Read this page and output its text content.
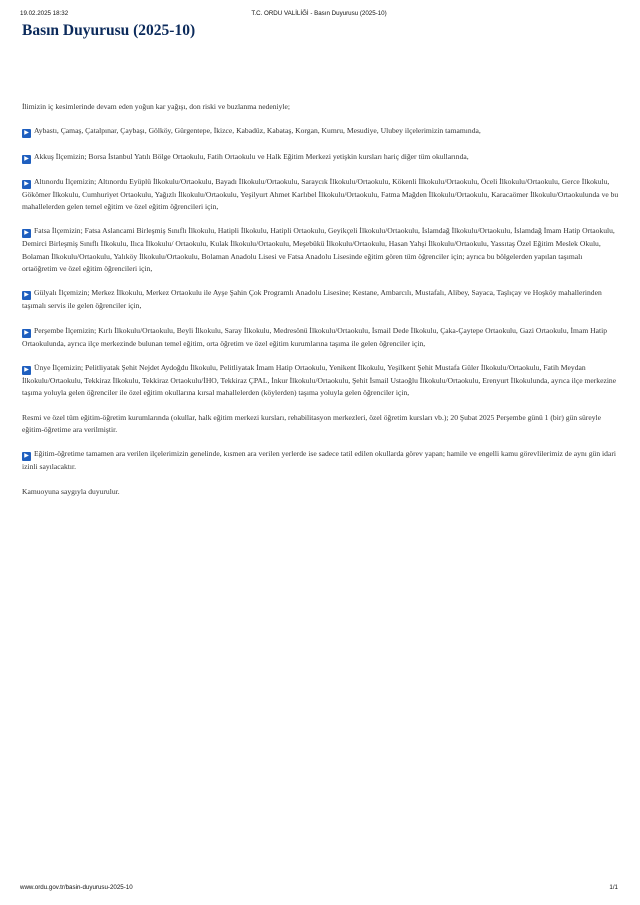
19.02.2025 18:32	T.C. ORDU VALİLİĞİ - Basın Duyurusu (2025-10)
Basın Duyurusu (2025-10)

İlimizin iç kesimlerinde devam eden yoğun kar yağışı, don riski ve buzlanma nedeniyle;

▶ Aybastı, Çamaş, Çatalpınar, Çaybaşı, Gölköy, Gürgentepe, İkizce, Kabadüz, Kabataş, Korgan, Kumru, Mesudiye, Ulubey ilçelerimizin tamamında,

▶ Akkuş İlçemizin; Borsa İstanbul Yatılı Bölge Ortaokulu, Fatih Ortaokulu ve Halk Eğitim Merkezi yetişkin kursları hariç diğer tüm okullarında,

▶ Altınordu İlçemizin; Altınordu Eyüplü İlkokulu/Ortaokulu, Bayadı İlkokulu/Ortaokulu, Saraycık İlkokulu/Ortaokulu, Kökenli İlkokulu/Ortaokulu, Öceli İlkokulu/Ortaokulu, Gerce İlkokulu, Gökömer İlkokulu, Cumhuriyet Ortaokulu, Yağızlı İlkokulu/Ortaokulu, Yeşilyurt Ahmet Karlıbel İlkokulu/Ortaokulu, Fatma Mağden İlkokulu/Ortaokulu, Karacaömer İlkokulu/Ortaokulunda ve bu mahallelerden gelen temel eğitim ve özel eğitim öğrencileri için,

▶ Fatsa İlçemizin; Fatsa Aslancami Birleşmiş Sınıflı İlkokulu, Hatipli İlkokulu, Hatipli Ortaokulu, Geyikçeli İlkokulu/Ortaokulu, İslamdağ İlkokulu/Ortaokulu, İslamdağ İmam Hatip Ortaokulu, Demirci Birleşmiş Sınıflı İlkokulu, Ilıca İlkokulu/ Ortaokulu, Kulak İlkokulu/Ortaokulu, Meşebükü İlkokulu/Ortaokulu, Hasan Yahşi İlkokulu/Ortaokulu, Yassıtaş Özel Eğitim Meslek Okulu, Bolaman İlkokulu/Ortaokulu, Yalıköy İlkokulu/Ortaokulu, Bolaman Anadolu Lisesi ve Fatsa Anadolu Lisesinde eğitim gören tüm öğrenciler için; ayrıca bu bölgelerden yapılan taşımalı ortaöğretim ve özel eğitim öğrencileri için,

▶ Gülyalı İlçemizin; Merkez İlkokulu, Merkez Ortaokulu ile Ayşe Şahin Çok Programlı Anadolu Lisesine; Kestane, Ambarcılı, Mustafalı, Alibey, Sayaca, Taşlıçay ve Hoşköy mahallerinden taşımalı servis ile gelen öğrenciler için,

▶ Perşembe İlçemizin; Kırlı İlkokulu/Ortaokulu, Beyli İlkokulu, Saray İlkokulu, Medresönü İlkokulu/Ortaokulu, İsmail Dede İlkokulu, Çaka-Çaytepe Ortaokulu, Gazi Ortaokulu, İmam Hatip Ortaokulunda, ayrıca ilçe merkezinde bulunan temel eğitim, orta öğretim ve özel eğitim kurumlarına taşıma ile gelen öğrenciler için,

▶ Ünye İlçemizin; Pelitliyatak Şehit Nejdet Aydoğdu İlkokulu, Pelitliyatak İmam Hatip Ortaokulu, Yenikent İlkokulu, Yeşilkent Şehit Mustafa Güler İlkokulu/Ortaokulu, Fatih Meydan İlkokulu/Ortaokulu, Tekkiraz İlkokulu, Tekkiraz Ortaokulu/İHO, Tekkiraz ÇPAL, İnkur İlkokulu/Ortaokulu, Şehit İsmail Ustaoğlu İlkokulu/Ortaokulu, Erenyurt İlkokulunda, ayrıca ilçe merkezine taşıma yoluyla gelen öğrenciler ile özel eğitim okullarına kırsal mahallelerden (köylerden) taşıma yoluyla gelen öğrenciler için,

Resmi ve özel tüm eğitim-öğretim kurumlarında (okullar, halk eğitim merkezi kursları, rehabilitasyon merkezleri, özel öğretim kursları vb.); 20 Şubat 2025 Perşembe günü 1 (bir) gün süreyle eğitim-öğretime ara verilmiştir.

▶ Eğitim-öğretime tamamen ara verilen ilçelerimizin genelinde, kısmen ara verilen yerlerde ise sadece tatil edilen okullarda görev yapan; hamile ve engelli kamu görevlilerimiz de aynı gün idari izinli sayılacaktır.

Kamuoyuna saygıyla duyurulur.

www.ordu.gov.tr/basin-duyurusu-2025-10	1/1
